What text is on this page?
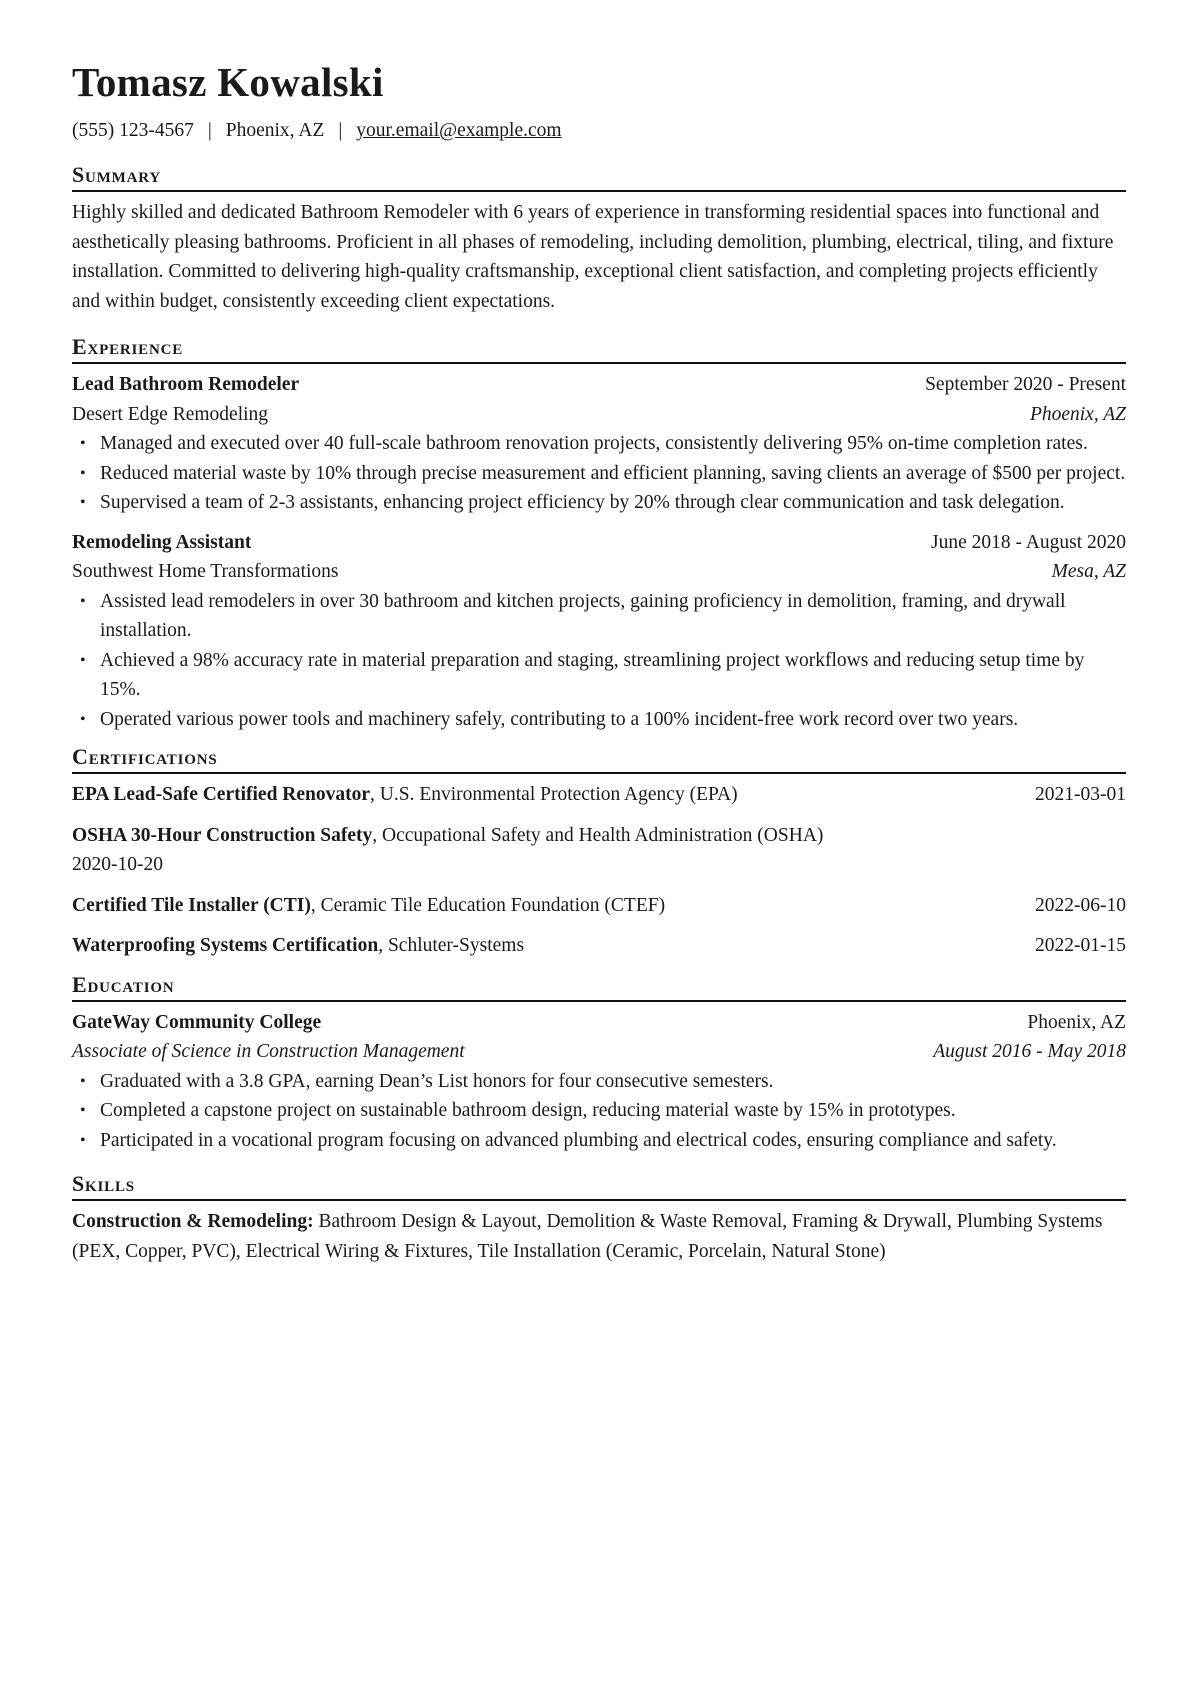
Tomasz Kowalski
(555) 123-4567 | Phoenix, AZ | your.email@example.com
Summary

Highly skilled and dedicated Bathroom Remodeler with 6 years of experience in transforming residential spaces into functional and aesthetically pleasing bathrooms. Proficient in all phases of remodeling, including demolition, plumbing, electrical, tiling, and fixture installation. Committed to delivering high-quality craftsmanship, exceptional client satisfaction, and completing projects efficiently and within budget, consistently exceeding client expectations.

Experience
Lead Bathroom Remodeler	September 2020 - Present
Desert Edge Remodeling	Phoenix, AZ
• Managed and executed over 40 full-scale bathroom renovation projects, consistently delivering 95% on-time completion rates.
• Reduced material waste by 10% through precise measurement and efficient planning, saving clients an average of $500 per project.
• Supervised a team of 2-3 assistants, enhancing project efficiency by 20% through clear communication and task delegation.
Remodeling Assistant	June 2018 - August 2020
Southwest Home Transformations	Mesa, AZ
• Assisted lead remodelers in over 30 bathroom and kitchen projects, gaining proficiency in demolition, framing, and drywall installation.
• Achieved a 98% accuracy rate in material preparation and staging, streamlining project workflows and reducing setup time by 15%.
• Operated various power tools and machinery safely, contributing to a 100% incident-free work record over two years.
Certifications
EPA Lead-Safe Certified Renovator, U.S. Environmental Protection Agency (EPA)	2021-03-01
OSHA 30-Hour Construction Safety, Occupational Safety and Health Administration (OSHA)
2020-10-20
Certified Tile Installer (CTI), Ceramic Tile Education Foundation (CTEF)	2022-06-10
Waterproofing Systems Certification, Schluter-Systems	2022-01-15
Education
GateWay Community College	Phoenix, AZ
Associate of Science in Construction Management	August 2016 - May 2018
• Graduated with a 3.8 GPA, earning Dean’s List honors for four consecutive semesters.
• Completed a capstone project on sustainable bathroom design, reducing material waste by 15% in prototypes.
• Participated in a vocational program focusing on advanced plumbing and electrical codes, ensuring compliance and safety.
Skills

Construction & Remodeling: Bathroom Design & Layout, Demolition & Waste Removal, Framing & Drywall, Plumbing Systems (PEX, Copper, PVC), Electrical Wiring & Fixtures, Tile Installation (Ceramic, Porcelain, Natural Stone)
